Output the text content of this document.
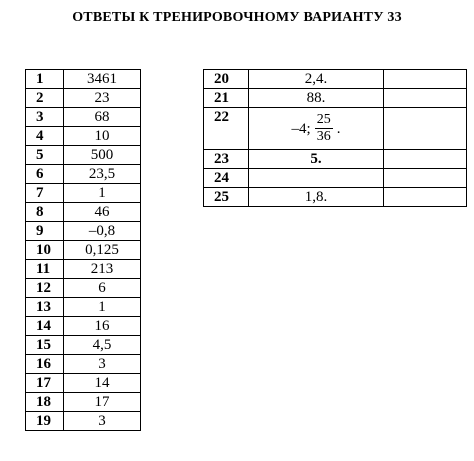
ОТВЕТЫ К ТРЕНИРОВОЧНОМУ ВАРИАНТУ 33
1	3461
2	23
3	68
4	10
5	500
6	23,5
7	1
8	46
9	–0,8
10	0,125
11	213
12	6
13	1
14	16
15	4,5
16	3
17	14
18	17
19	3
20	2,4.	
21	88.	
22	–4; $\frac{25}{36}$ .	

23	5.	
24		
25	1,8.	
